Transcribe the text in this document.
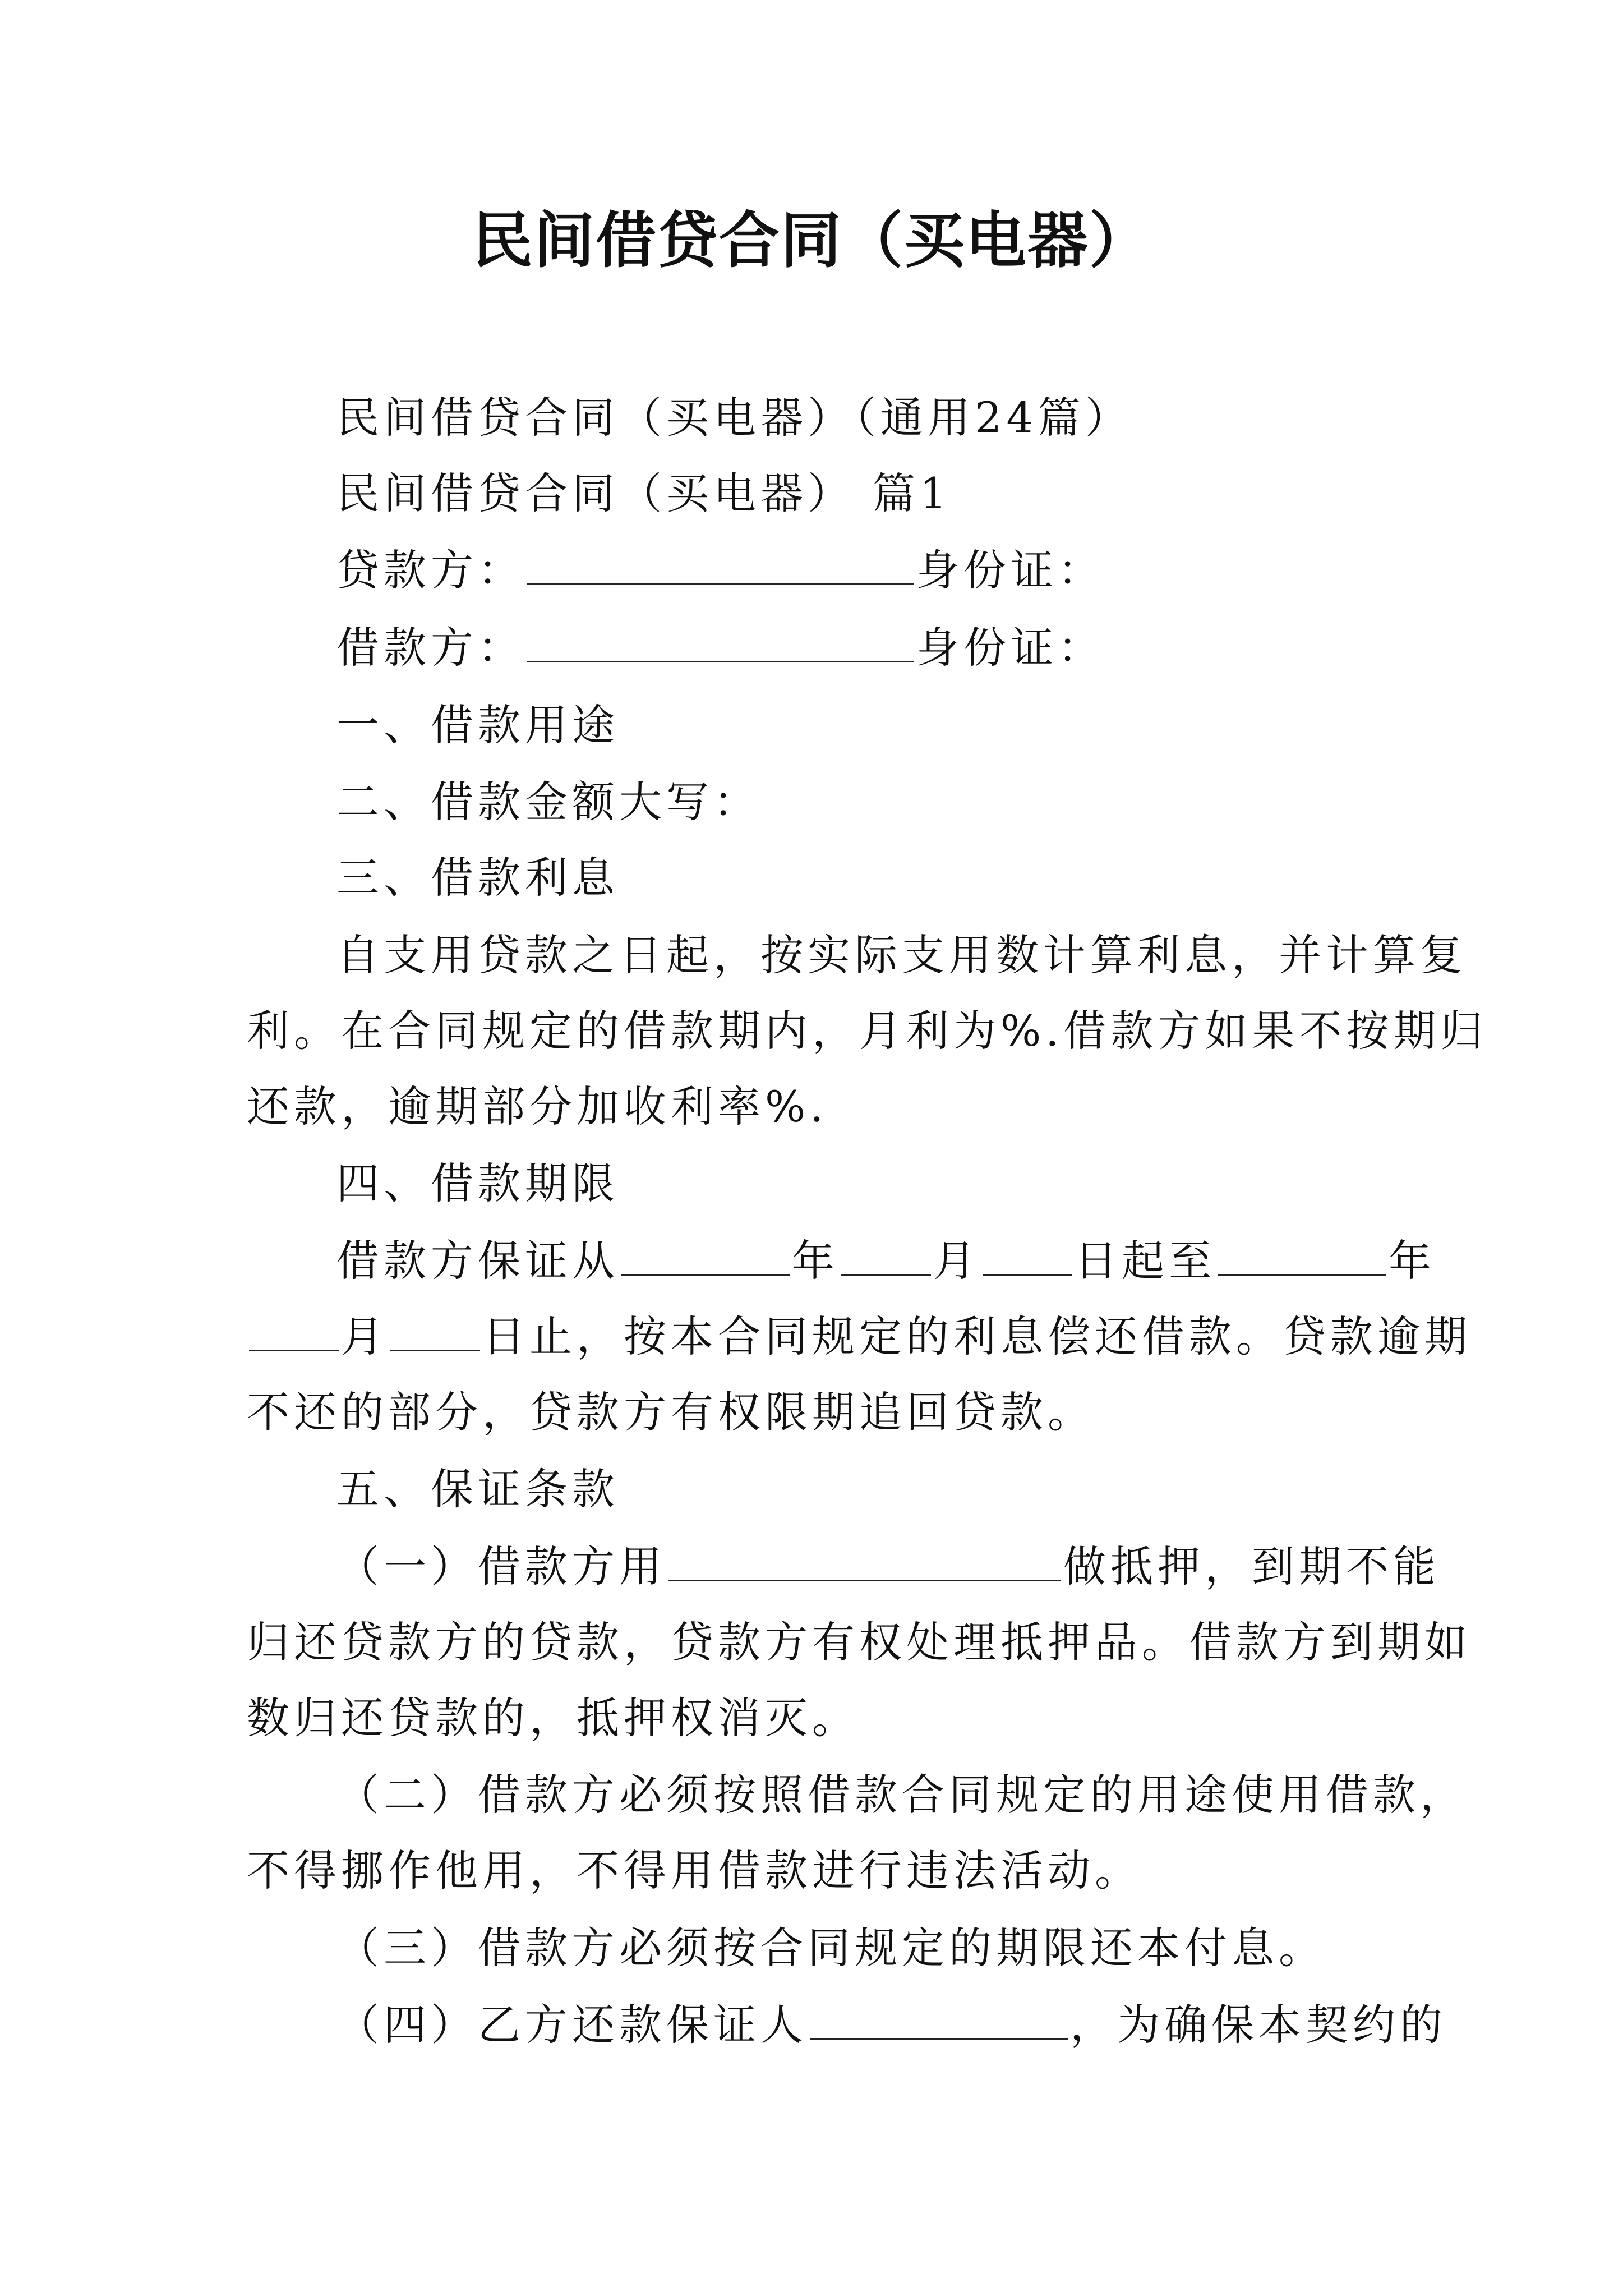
民间借贷合同（买电器）
民间借贷合同（买电器）（通用24篇）
民间借贷合同（买电器） 篇1
贷款方：	身份证：
借款方：	身份证：
一、借款用途
二、借款金额大写：
三、借款利息
自支用贷款之日起，按实际支用数计算利息，并计算复
利。在合同规定的借款期内，月利为%.借款方如果不按期归
还款，逾期部分加收利率%.
四、借款期限
借款方保证从	年 月 日起至	年
月 日止，按本合同规定的利息偿还借款。贷款逾期
不还的部分，贷款方有权限期追回贷款。
五、保证条款
（一）借款方用	做抵押，到期不能
归还贷款方的贷款，贷款方有权处理抵押品。借款方到期如
数归还贷款的，抵押权消灭。
（二）借款方必须按照借款合同规定的用途使用借款，
不得挪作他用，不得用借款进行违法活动。
（三）借款方必须按合同规定的期限还本付息。
（四）乙方还款保证人	，为确保本契约的
